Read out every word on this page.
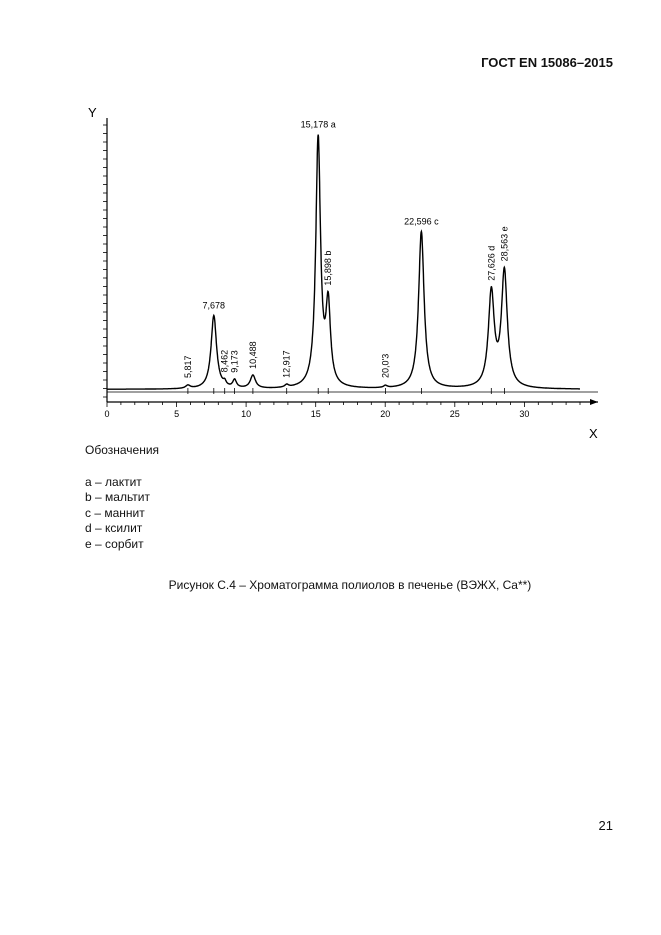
ГОСТ EN 15086–2015
Y
X
0	5	10	15	20	25	30
5,817
7,678
8,462 9,173 10,488	12,917
15,178 a
15,898 b
20,0'3
22,596 c
27,626 d
28,563 e
Обозначения
a – лактит
b – мальтит
c – маннит
d – ксилит
e – сорбит
Рисунок С.4 – Хроматограмма полиолов в печенье (ВЭЖХ, Ca**)
21
